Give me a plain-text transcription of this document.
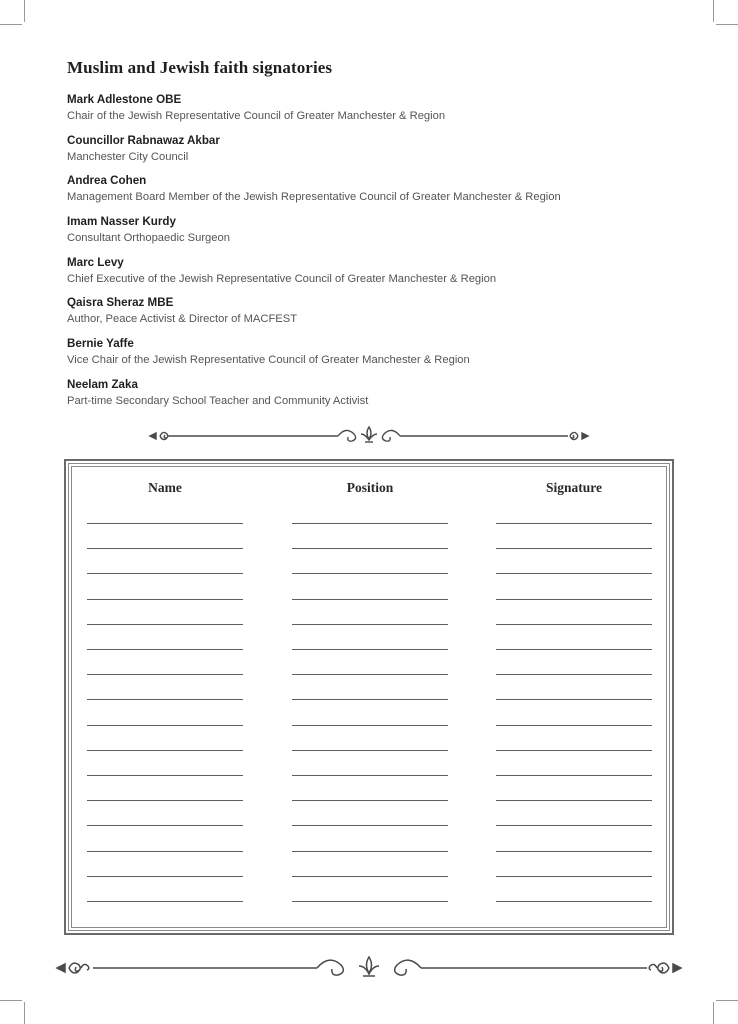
Muslim and Jewish faith signatories
Mark Adlestone OBE
Chair of the Jewish Representative Council of Greater Manchester & Region
Councillor Rabnawaz Akbar
Manchester City Council
Andrea Cohen
Management Board Member of the Jewish Representative Council of Greater Manchester & Region
Imam Nasser Kurdy
Consultant Orthopaedic Surgeon
Marc Levy
Chief Executive of the Jewish Representative Council of Greater Manchester & Region
Qaisra Sheraz MBE
Author, Peace Activist & Director of MACFEST
Bernie Yaffe
Vice Chair of the Jewish Representative Council of Greater Manchester & Region
Neelam Zaka
Part-time Secondary School Teacher and Community Activist
Name	Position	Signature
